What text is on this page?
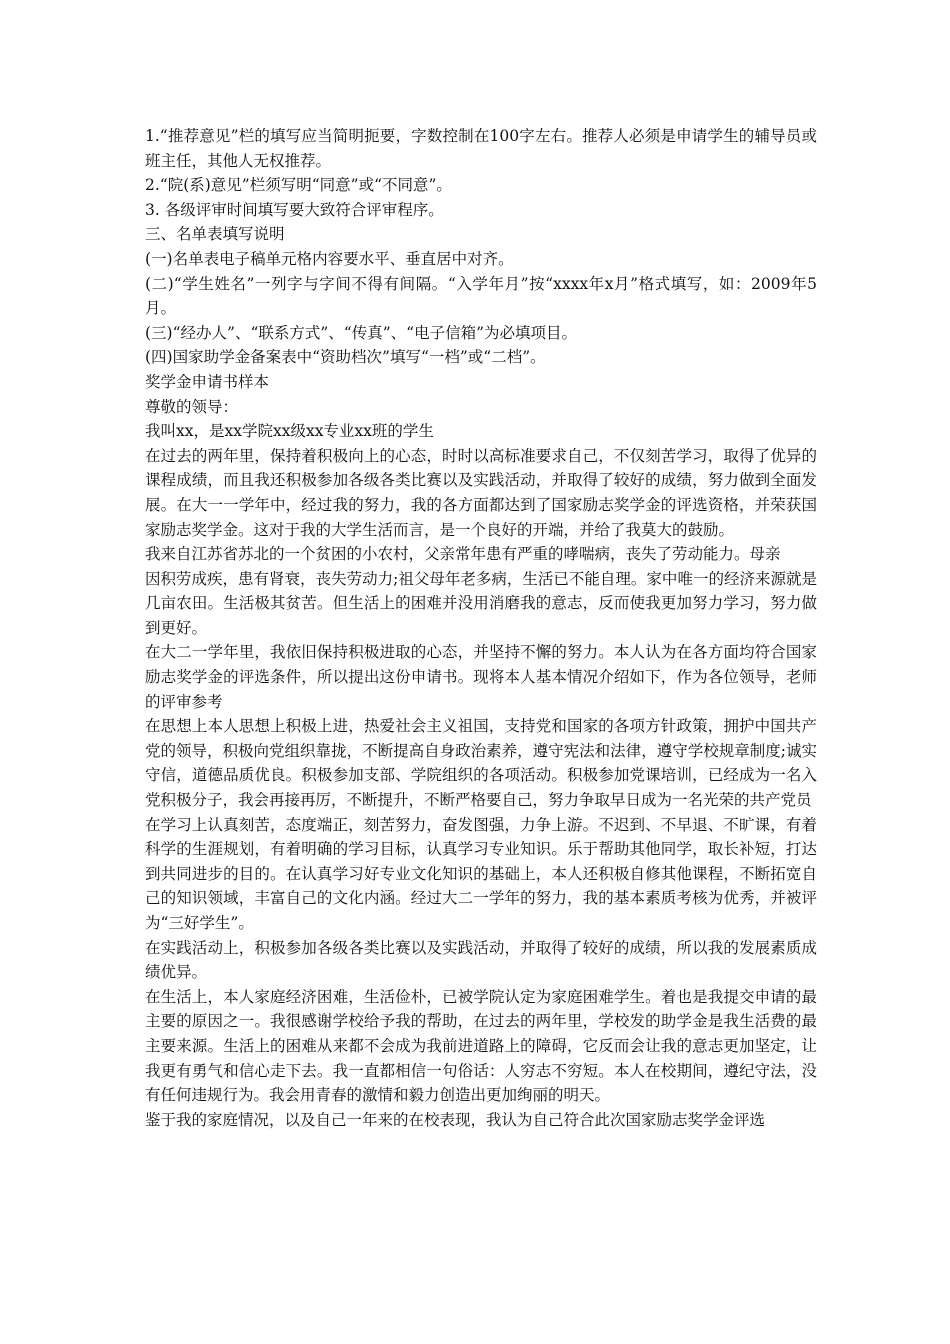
1.“推荐意见”栏的填写应当简明扼要，字数控制在100字左右。推荐人必须是申请学生的辅导员或班主任，其他人无权推荐。

2.“院(系)意见”栏须写明“同意”或“不同意”。

3. 各级评审时间填写要大致符合评审程序。

三、名单表填写说明

(一)名单表电子稿单元格内容要水平、垂直居中对齐。

(二)“学生姓名”一列字与字间不得有间隔。“入学年月”按“xxxx年x月”格式填写，如：2009年5月。

(三)“经办人”、“联系方式”、“传真”、“电子信箱”为必填项目。

(四)国家助学金备案表中“资助档次”填写“一档”或“二档”。

奖学金申请书样本

尊敬的领导：

我叫xx，是xx学院xx级xx专业xx班的学生

在过去的两年里，保持着积极向上的心态，时时以高标准要求自己，不仅刻苦学习，取得了优异的课程成绩，而且我还积极参加各级各类比赛以及实践活动，并取得了较好的成绩，努力做到全面发展。在大一一学年中，经过我的努力，我的各方面都达到了国家励志奖学金的评选资格，并荣获国家励志奖学金。这对于我的大学生活而言，是一个良好的开端，并给了我莫大的鼓励。

我来自江苏省苏北的一个贫困的小农村，父亲常年患有严重的哮喘病，丧失了劳动能力。母亲

因积劳成疾，患有肾衰，丧失劳动力;祖父母年老多病，生活已不能自理。家中唯一的经济来源就是几亩农田。生活极其贫苦。但生活上的困难并没用消磨我的意志，反而使我更加努力学习，努力做到更好。

在大二一学年里，我依旧保持积极进取的心态，并坚持不懈的努力。本人认为在各方面均符合国家励志奖学金的评选条件，所以提出这份申请书。现将本人基本情况介绍如下，作为各位领导，老师的评审参考

在思想上本人思想上积极上进，热爱社会主义祖国，支持党和国家的各项方针政策，拥护中国共产党的领导，积极向党组织靠拢，不断提高自身政治素养，遵守宪法和法律，遵守学校规章制度;诚实守信，道德品质优良。积极参加支部、学院组织的各项活动。积极参加党课培训，已经成为一名入党积极分子，我会再接再厉，不断提升，不断严格要自己，努力争取早日成为一名光荣的共产党员

在学习上认真刻苦，态度端正，刻苦努力，奋发图强，力争上游。不迟到、不早退、不旷课，有着科学的生涯规划，有着明确的学习目标，认真学习专业知识。乐于帮助其他同学，取长补短，打达到共同进步的目的。在认真学习好专业文化知识的基础上，本人还积极自修其他课程，不断拓宽自己的知识领域，丰富自己的文化内涵。经过大二一学年的努力，我的基本素质考核为优秀，并被评为“三好学生”。

在实践活动上，积极参加各级各类比赛以及实践活动，并取得了较好的成绩，所以我的发展素质成绩优异。

在生活上，本人家庭经济困难，生活俭朴，已被学院认定为家庭困难学生。着也是我提交申请的最主要的原因之一。我很感谢学校给予我的帮助，在过去的两年里，学校发的助学金是我生活费的最主要来源。生活上的困难从来都不会成为我前进道路上的障碍，它反而会让我的意志更加坚定，让我更有勇气和信心走下去。我一直都相信一句俗话：人穷志不穷短。本人在校期间，遵纪守法，没有任何违规行为。我会用青春的激情和毅力创造出更加绚丽的明天。

鉴于我的家庭情况，以及自己一年来的在校表现，我认为自己符合此次国家励志奖学金评选
